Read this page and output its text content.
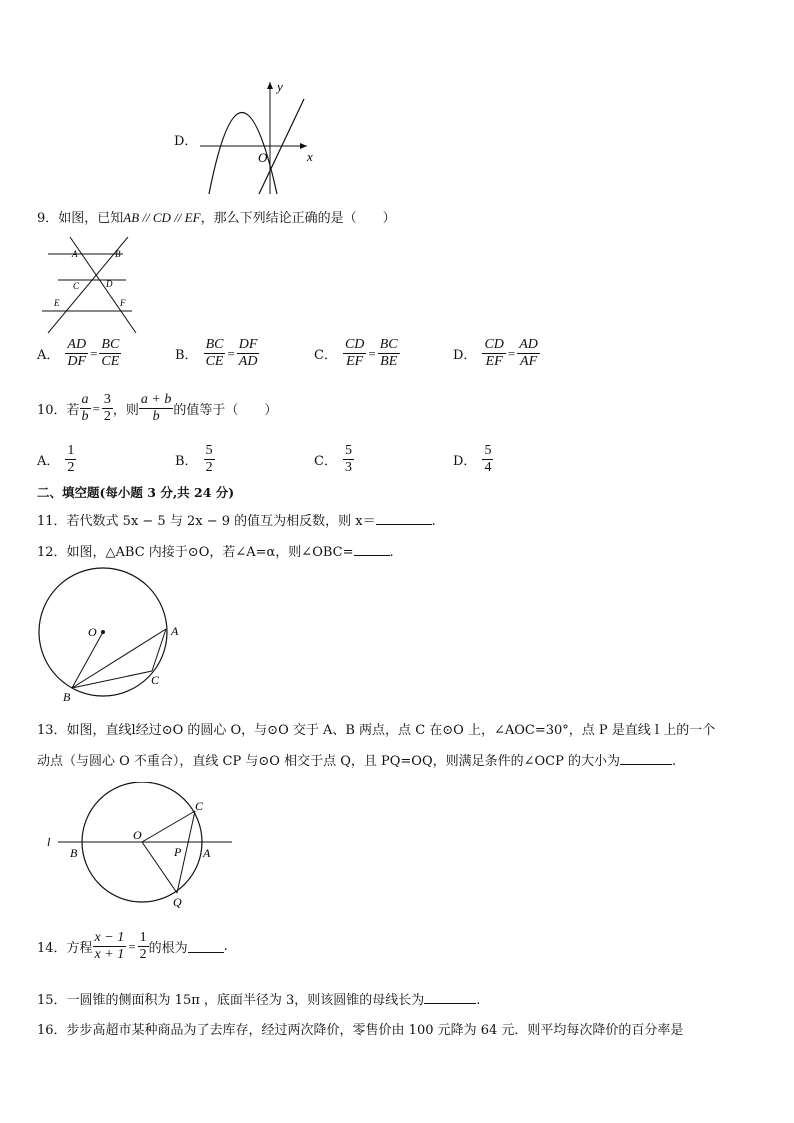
D．
y
x
O
9．如图，已知AB // CD // EF，那么下列结论正确的是（　　）
A	B
C	D
E	F
A． $\frac{AD}{DF} = \frac{BC}{CE}$	B． $\frac{BC}{CE} = \frac{DF}{AD}$	C． $\frac{CD}{EF} = \frac{BC}{BE}$	D． $\frac{CD}{EF} = \frac{AD}{AF}$
10．若 $\frac{a}{b} = \frac{3}{2}$ ，则 $\frac{a + b}{b}$ 的值等于（　　）
A． $\frac{1}{2}$	B． $\frac{5}{2}$	C． $\frac{5}{3}$	D． $\frac{5}{4}$
二、填空题(每小题 3 分,共 24 分)
11．若代数式 5x − 5 与 2x − 9 的值互为相反数，则 x＝	.
12．如图，△ABC 内接于⊙O，若∠A=α，则∠OBC=	.
O	A
B
C
13．如图，直线l经过⊙O 的圆心 O，与⊙O 交于 A、B 两点，点 C 在⊙O 上，∠AOC=30°，点 P 是直线 l 上的一个
动点（与圆心 O 不重合），直线 CP 与⊙O 相交于点 Q，且 PQ=OQ，则满足条件的∠OCP 的大小为	.
l
B
O
P A
C
Q
14．方程 $\frac{x - 1}{x + 1} = \frac{1}{2}$ 的根为	.
15．一圆锥的侧面积为 15π ，底面半径为 3，则该圆锥的母线长为	.
16．步步高超市某种商品为了去库存，经过两次降价，零售价由 100 元降为 64 元．则平均每次降价的百分率是
